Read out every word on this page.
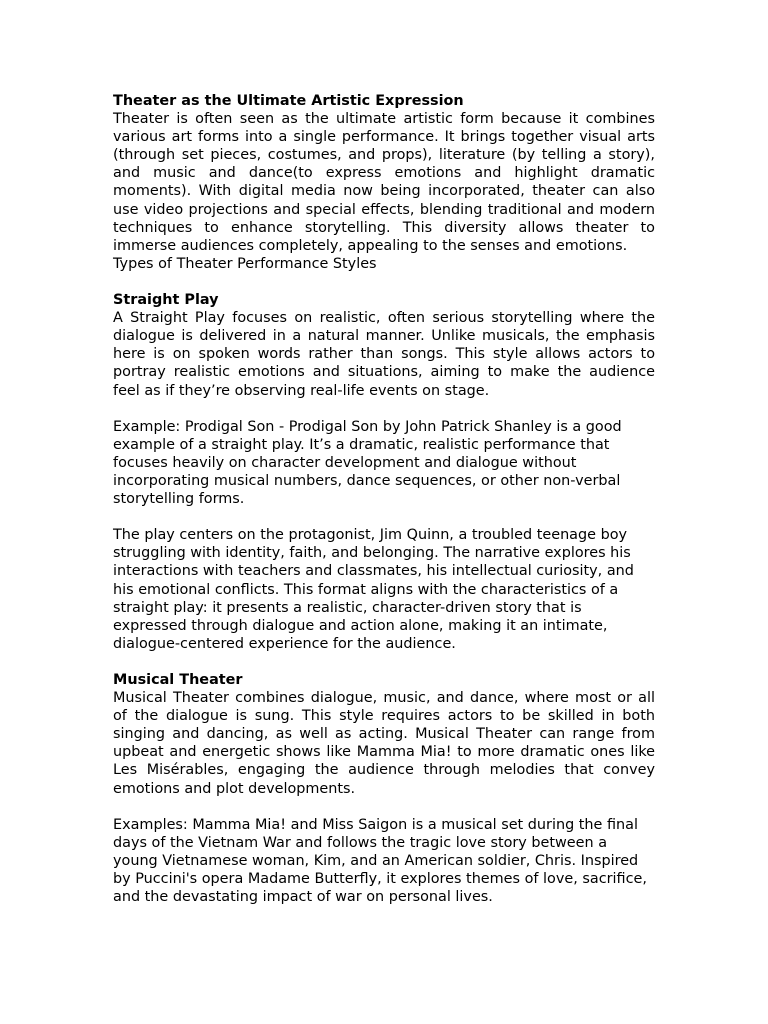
Theater as the Ultimate Artistic Expression

Theater is often seen as the ultimate artistic form because it combines various art forms into a single performance. It brings together visual arts (through set pieces, costumes, and props), literature (by telling a story), and music and dance(to express emotions and highlight dramatic moments). With digital media now being incorporated, theater can also use video projections and special effects, blending traditional and modern techniques to enhance storytelling. This diversity allows theater to immerse audiences completely, appealing to the senses and emotions.

Types of Theater Performance Styles

Straight Play

A Straight Play focuses on realistic, often serious storytelling where the dialogue is delivered in a natural manner. Unlike musicals, the emphasis here is on spoken words rather than songs. This style allows actors to portray realistic emotions and situations, aiming to make the audience feel as if they’re observing real-life events on stage.

Example: Prodigal Son - Prodigal Son by John Patrick Shanley is a good example of a straight play. It’s a dramatic, realistic performance that focuses heavily on character development and dialogue without incorporating musical numbers, dance sequences, or other non-verbal storytelling forms.

The play centers on the protagonist, Jim Quinn, a troubled teenage boy struggling with identity, faith, and belonging. The narrative explores his interactions with teachers and classmates, his intellectual curiosity, and his emotional conflicts. This format aligns with the characteristics of a straight play: it presents a realistic, character-driven story that is expressed through dialogue and action alone, making it an intimate, dialogue-centered experience for the audience.

Musical Theater

Musical Theater combines dialogue, music, and dance, where most or all of the dialogue is sung. This style requires actors to be skilled in both singing and dancing, as well as acting. Musical Theater can range from upbeat and energetic shows like Mamma Mia! to more dramatic ones like Les Misérables, engaging the audience through melodies that convey emotions and plot developments.

Examples: Mamma Mia! and Miss Saigon is a musical set during the final days of the Vietnam War and follows the tragic love story between a young Vietnamese woman, Kim, and an American soldier, Chris. Inspired by Puccini's opera Madame Butterfly, it explores themes of love, sacrifice, and the devastating impact of war on personal lives.
